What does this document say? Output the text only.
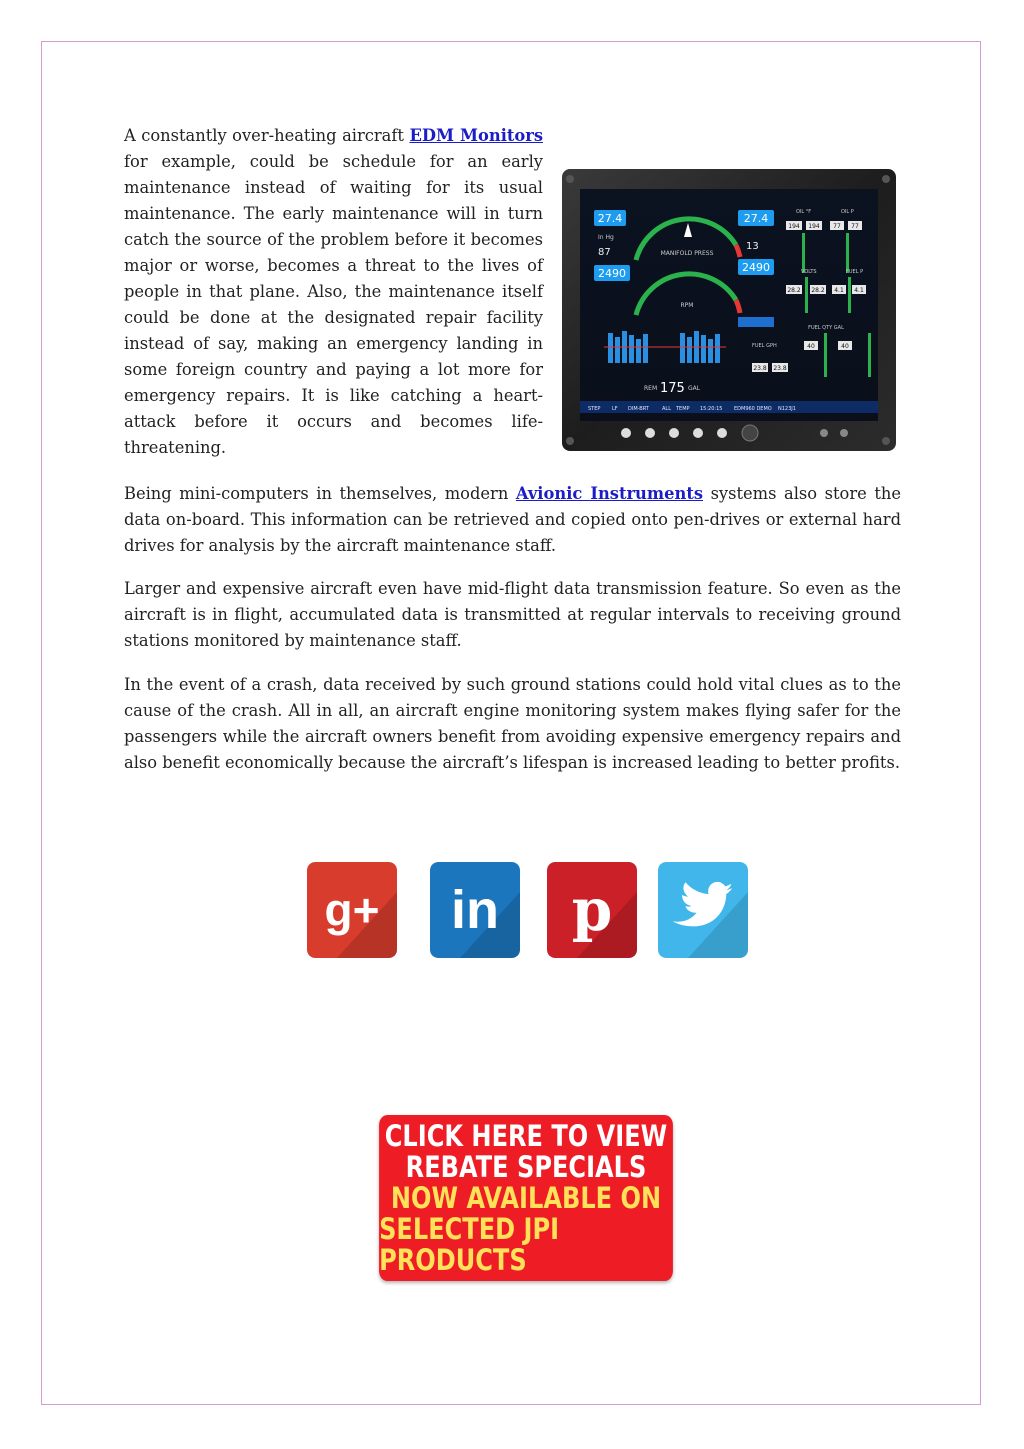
A constantly over-heating aircraft EDM Monitors for example, could be schedule for an early maintenance instead of waiting for its usual maintenance. The early maintenance will in turn catch the source of the problem before it becomes major or worse, becomes a threat to the lives of people in that plane. Also, the maintenance itself could be done at the designated repair facility instead of say, making an emergency landing in some foreign country and paying a lot more for emergency repairs. It is like catching a heart-attack before it occurs and becomes life-threatening.

27.4
In Hg
87
2490
MANIFOLD PRESS
RPM
27.4
13
2490
OIL °F	OIL P
194 194 77 77
VOLTS	FUEL P
28.2 28.2 4.1 4.1
FUEL QTY GAL
FUEL GPH
23.8 23.8
40	40
REM 175 GAL
STEP LF DIM-BRT	ALL TEMP 15:20:15 EDM960 DEMO N123J1

Being mini-computers in themselves, modern Avionic Instruments systems also store the data on-board. This information can be retrieved and copied onto pen-drives or external hard drives for analysis by the aircraft maintenance staff.

Larger and expensive aircraft even have mid-flight data transmission feature. So even as the aircraft is in flight, accumulated data is transmitted at regular intervals to receiving ground stations monitored by maintenance staff.

In the event of a crash, data received by such ground stations could hold vital clues as to the cause of the crash. All in all, an aircraft engine monitoring system makes flying safer for the passengers while the aircraft owners benefit from avoiding expensive emergency repairs and also benefit economically because the aircraft’s lifespan is increased leading to better profits.

g+	in	p
CLICK HERE TO VIEW
REBATE SPECIALS
NOW AVAILABLE ON
SELECTED JPI PRODUCTS
